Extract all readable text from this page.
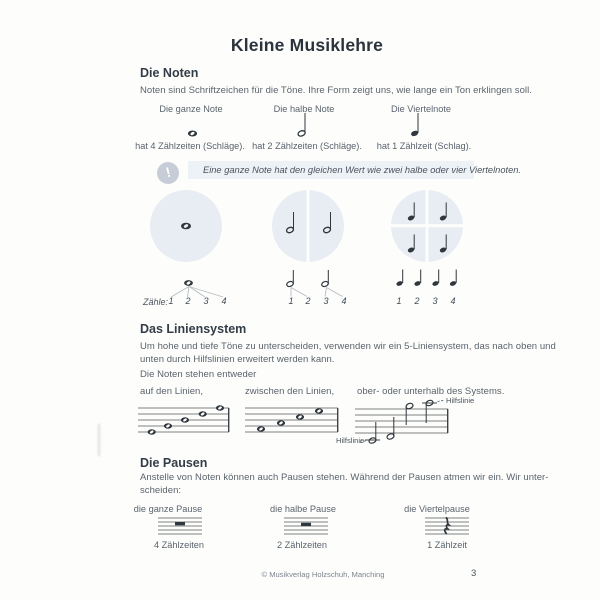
Kleine Musiklehre
Die Noten
Noten sind Schriftzeichen für die Töne. Ihre Form zeigt uns, wie lange ein Ton erklingen soll.
Die ganze Note	Die halbe Note	Die Viertelnote
hat 4 Zählzeiten (Schläge). hat 2 Zählzeiten (Schläge). hat 1 Zählzeit (Schlag).
!	Eine ganze Note hat den gleichen Wert wie zwei halbe oder vier Viertelnoten.
Zähle: 1 2 3 4	1 2 3 4	1 2 3 4
Das Liniensystem
Um hohe und tiefe Töne zu unterscheiden, verwenden wir ein 5-Liniensystem, das nach oben und
unten durch Hilfslinien erweitert werden kann.
Die Noten stehen entweder
auf den Linien,	zwischen den Linien, ober- oder unterhalb des Systems.
Hilfslinie
Hilfslinie
Die Pausen
Anstelle von Noten können auch Pausen stehen. Während der Pausen atmen wir ein. Wir unter-
scheiden:
die ganze Pause	die halbe Pause	die Viertelpause
4 Zählzeiten	2 Zählzeiten	1 Zählzeit
© Musikverlag Holzschuh, Manching	3
